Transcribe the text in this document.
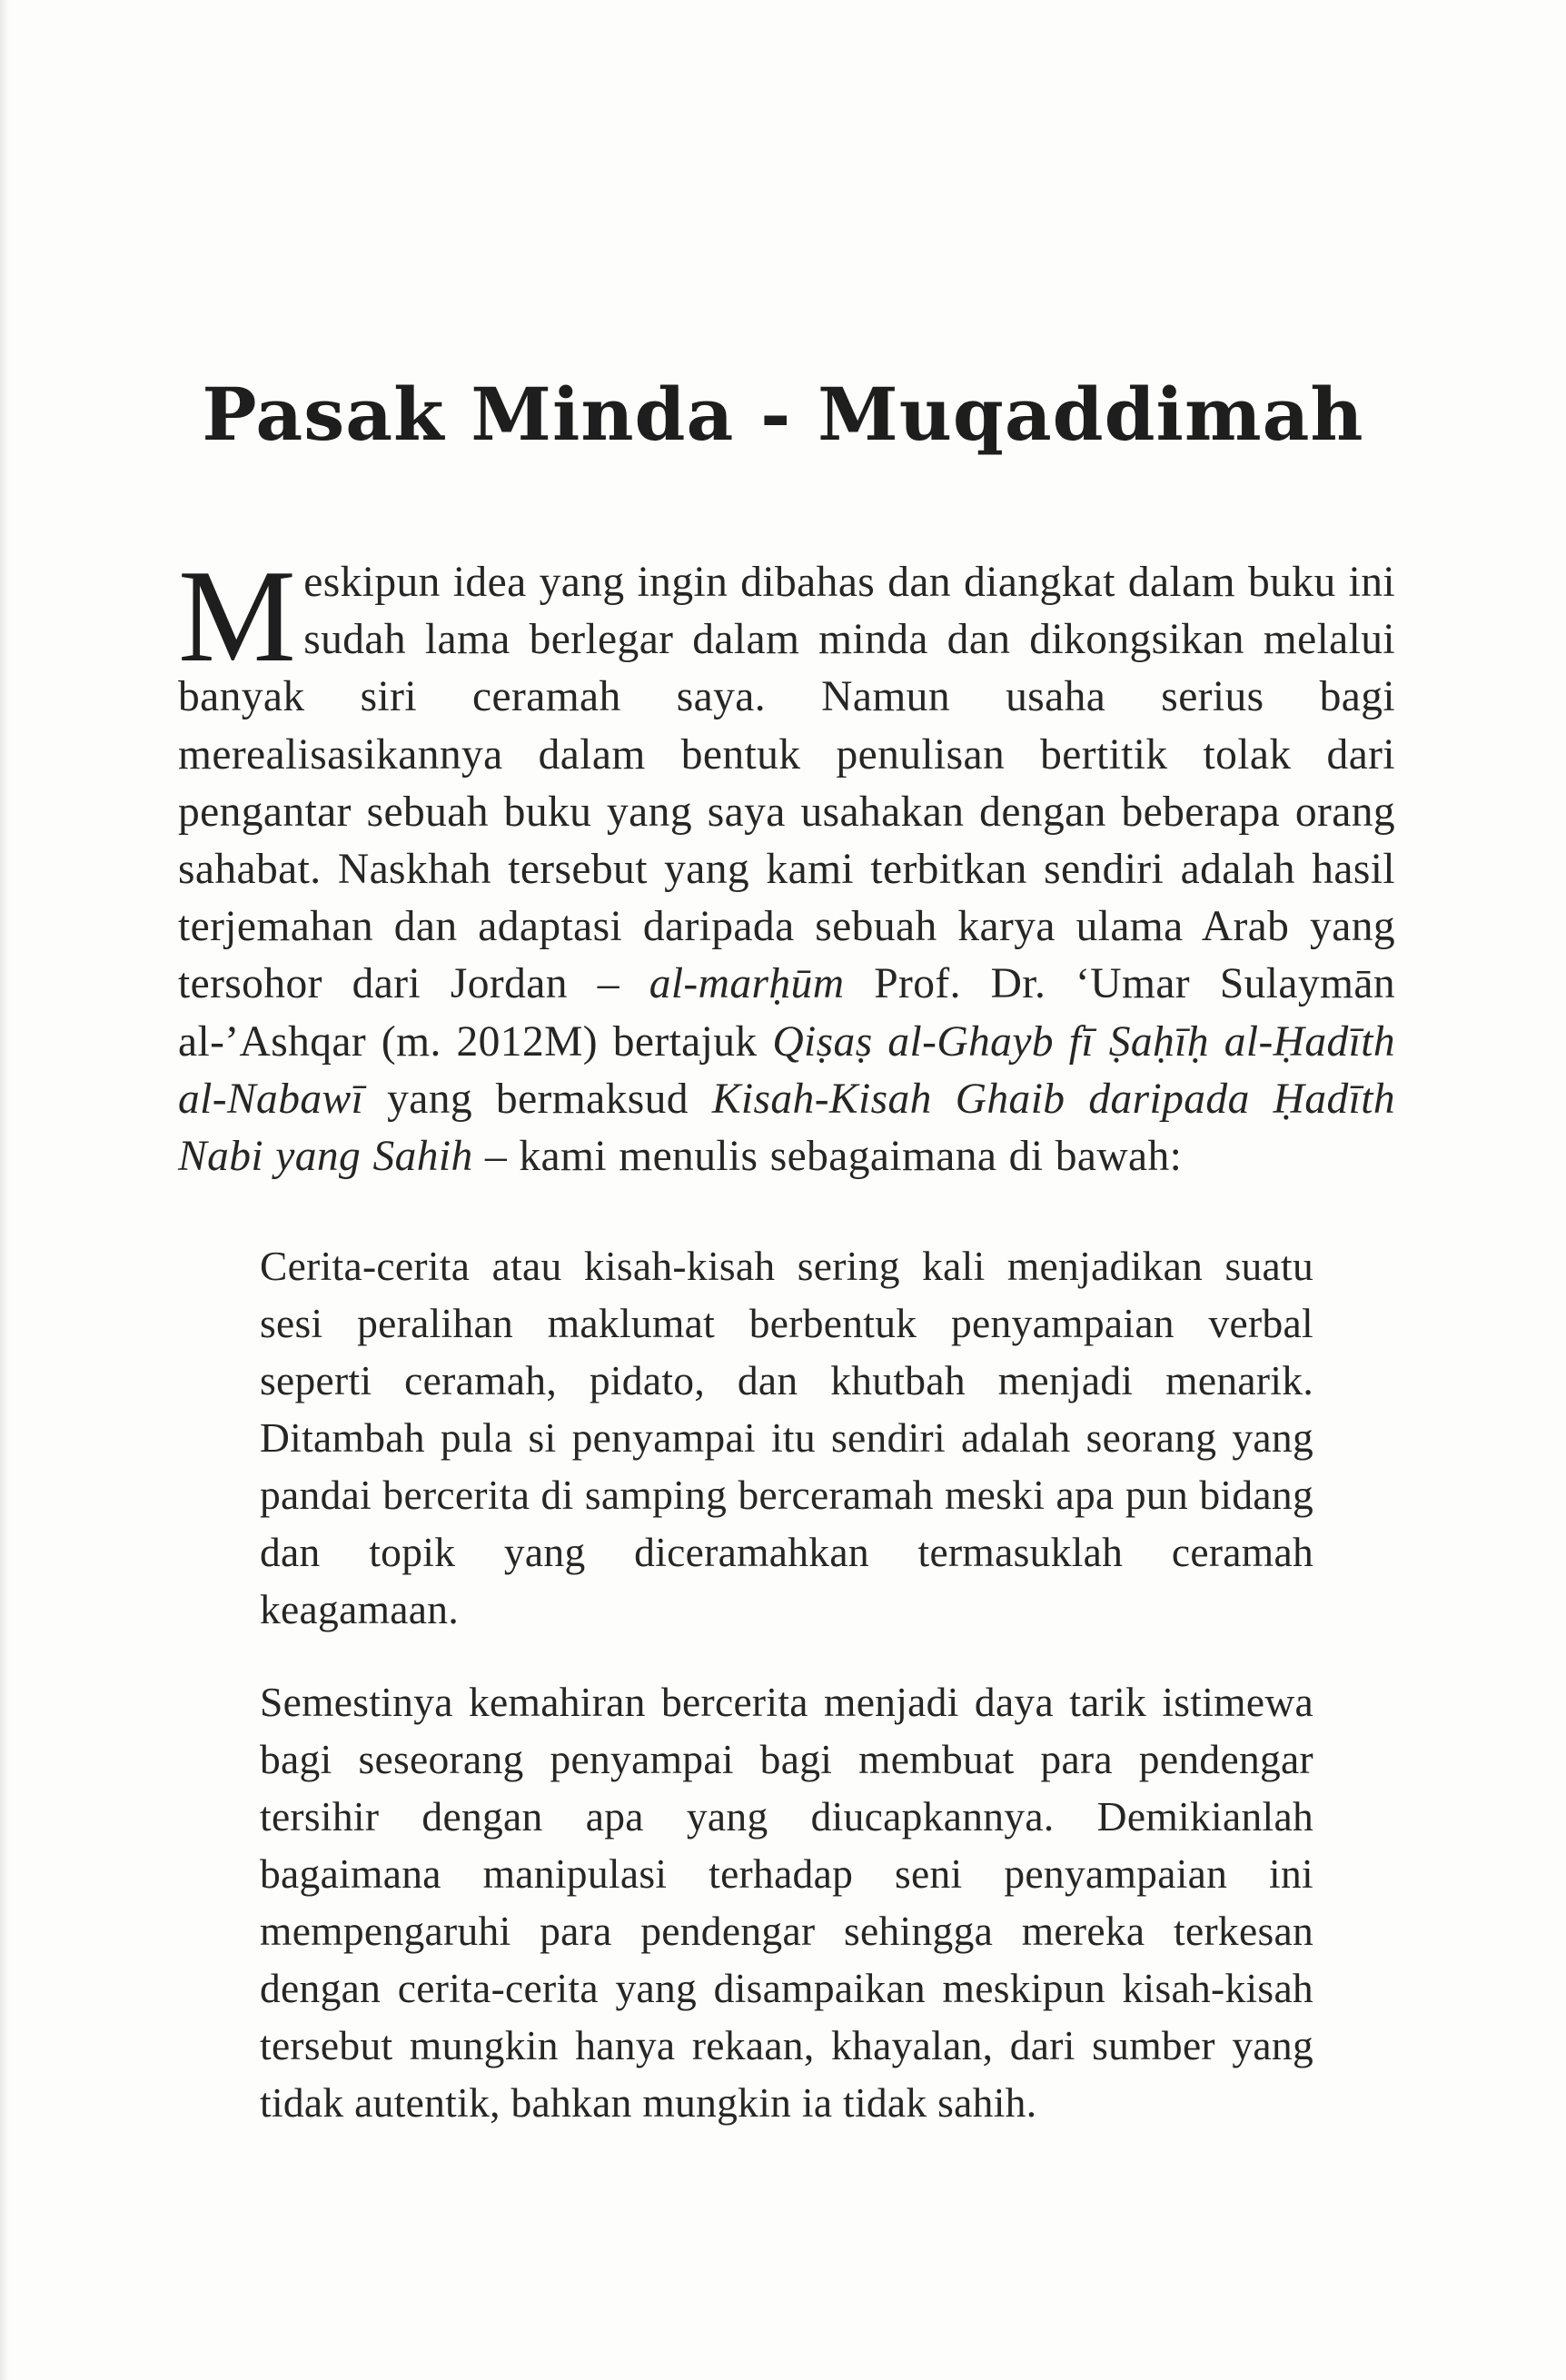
Pasak Minda - Muqaddimah

Meskipun idea yang ingin dibahas dan diangkat dalam buku ini sudah lama berlegar dalam minda dan dikongsikan melalui banyak siri ceramah saya. Namun usaha serius bagi merealisasikannya dalam bentuk penulisan bertitik tolak dari pengantar sebuah buku yang saya usahakan dengan beberapa orang sahabat. Naskhah tersebut yang kami terbitkan sendiri adalah hasil terjemahan dan adaptasi daripada sebuah karya ulama Arab yang tersohor dari Jordan – al-marḥūm Prof. Dr. ‘Umar Sulaymān al-’Ashqar (m. 2012M) bertajuk Qiṣaṣ al-Ghayb fī Ṣaḥīḥ al-Ḥadīth al-Nabawī yang bermaksud Kisah-Kisah Ghaib daripada Ḥadīth Nabi yang Sahih – kami menulis sebagaimana di bawah:

Cerita-cerita atau kisah-kisah sering kali menjadikan suatu sesi peralihan maklumat berbentuk penyampaian verbal seperti ceramah, pidato, dan khutbah menjadi menarik. Ditambah pula si penyampai itu sendiri adalah seorang yang pandai bercerita di samping berceramah meski apa pun bidang dan topik yang diceramahkan termasuklah ceramah keagamaan.

Semestinya kemahiran bercerita menjadi daya tarik istimewa bagi seseorang penyampai bagi membuat para pendengar tersihir dengan apa yang diucapkannya. Demikianlah bagaimana manipulasi terhadap seni penyampaian ini mempengaruhi para pendengar sehingga mereka terkesan dengan cerita-cerita yang disampaikan meskipun kisah-kisah tersebut mungkin hanya rekaan, khayalan, dari sumber yang tidak autentik, bahkan mungkin ia tidak sahih.
